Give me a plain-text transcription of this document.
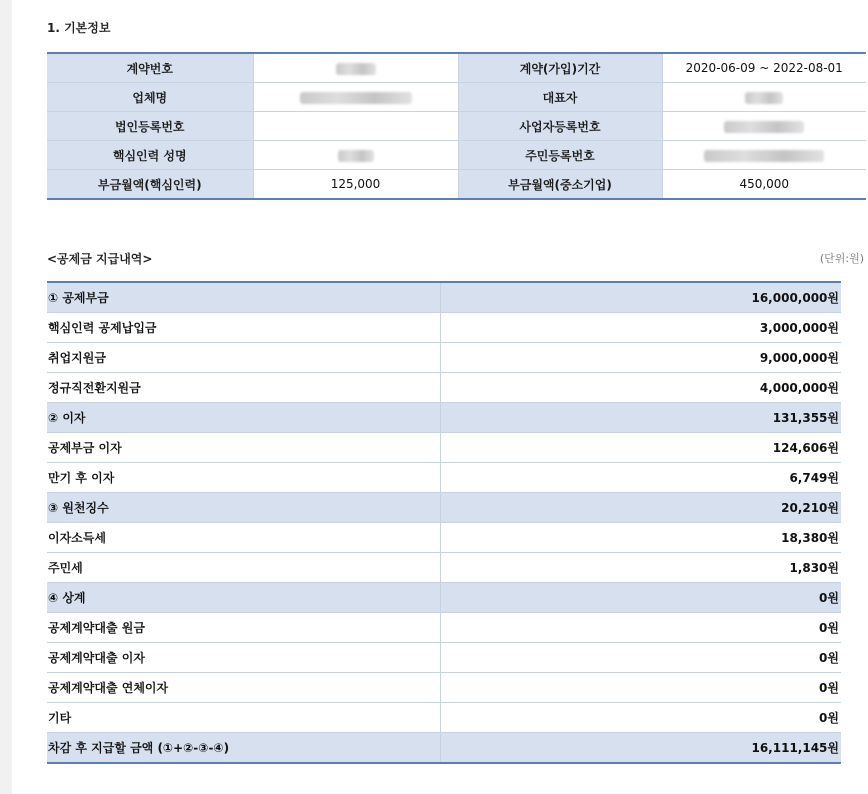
1. 기본정보
계약번호		계약(가입)기간	2020-06-09 ~ 2022-08-01
업체명		대표자	
법인등록번호		사업자등록번호	
핵심인력 성명		주민등록번호	
부금월액(핵심인력)	125,000	부금월액(중소기업)	450,000
<공제금 지급내역>	(단위:원)
① 공제부금	16,000,000원
핵심인력 공제납입금	3,000,000원
취업지원금	9,000,000원
정규직전환지원금	4,000,000원
② 이자	131,355원
공제부금 이자	124,606원
만기 후 이자	6,749원
③ 원천징수	20,210원
이자소득세	18,380원
주민세	1,830원
④ 상계	0원
공제계약대출 원금	0원
공제계약대출 이자	0원
공제계약대출 연체이자	0원
기타	0원
차감 후 지급할 금액 (①+②-③-④)	16,111,145원
